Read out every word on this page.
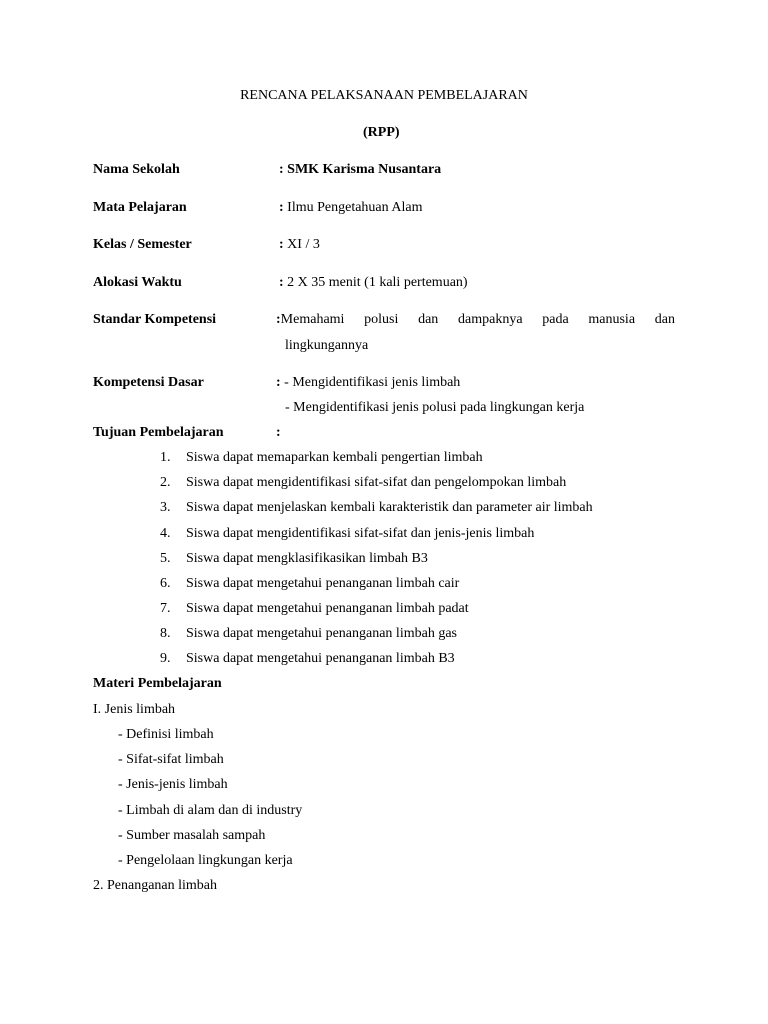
RENCANA PELAKSANAAN PEMBELAJARAN
(RPP)
Nama Sekolah	: SMK Karisma Nusantara
Mata Pelajaran	: Ilmu Pengetahuan Alam
Kelas / Semester	: XI / 3
Alokasi Waktu	: 2 X 35 menit (1 kali pertemuan)
Standar Kompetensi	:Memahami polusi dan dampaknya pada manusia dan
lingkungannya
Kompetensi Dasar	: - Mengidentifikasi jenis limbah
- Mengidentifikasi jenis polusi pada lingkungan kerja
Tujuan Pembelajaran	:
1. Siswa dapat memaparkan kembali pengertian limbah
2. Siswa dapat mengidentifikasi sifat-sifat dan pengelompokan limbah
3. Siswa dapat menjelaskan kembali karakteristik dan parameter air limbah
4. Siswa dapat mengidentifikasi sifat-sifat dan jenis-jenis limbah
5. Siswa dapat mengklasifikasikan limbah B3
6. Siswa dapat mengetahui penanganan limbah cair
7. Siswa dapat mengetahui penanganan limbah padat
8. Siswa dapat mengetahui penanganan limbah gas
9. Siswa dapat mengetahui penanganan limbah B3
Materi Pembelajaran
I. Jenis limbah
- Definisi limbah
- Sifat-sifat limbah
- Jenis-jenis limbah
- Limbah di alam dan di industry
- Sumber masalah sampah
- Pengelolaan lingkungan kerja
2. Penanganan limbah
